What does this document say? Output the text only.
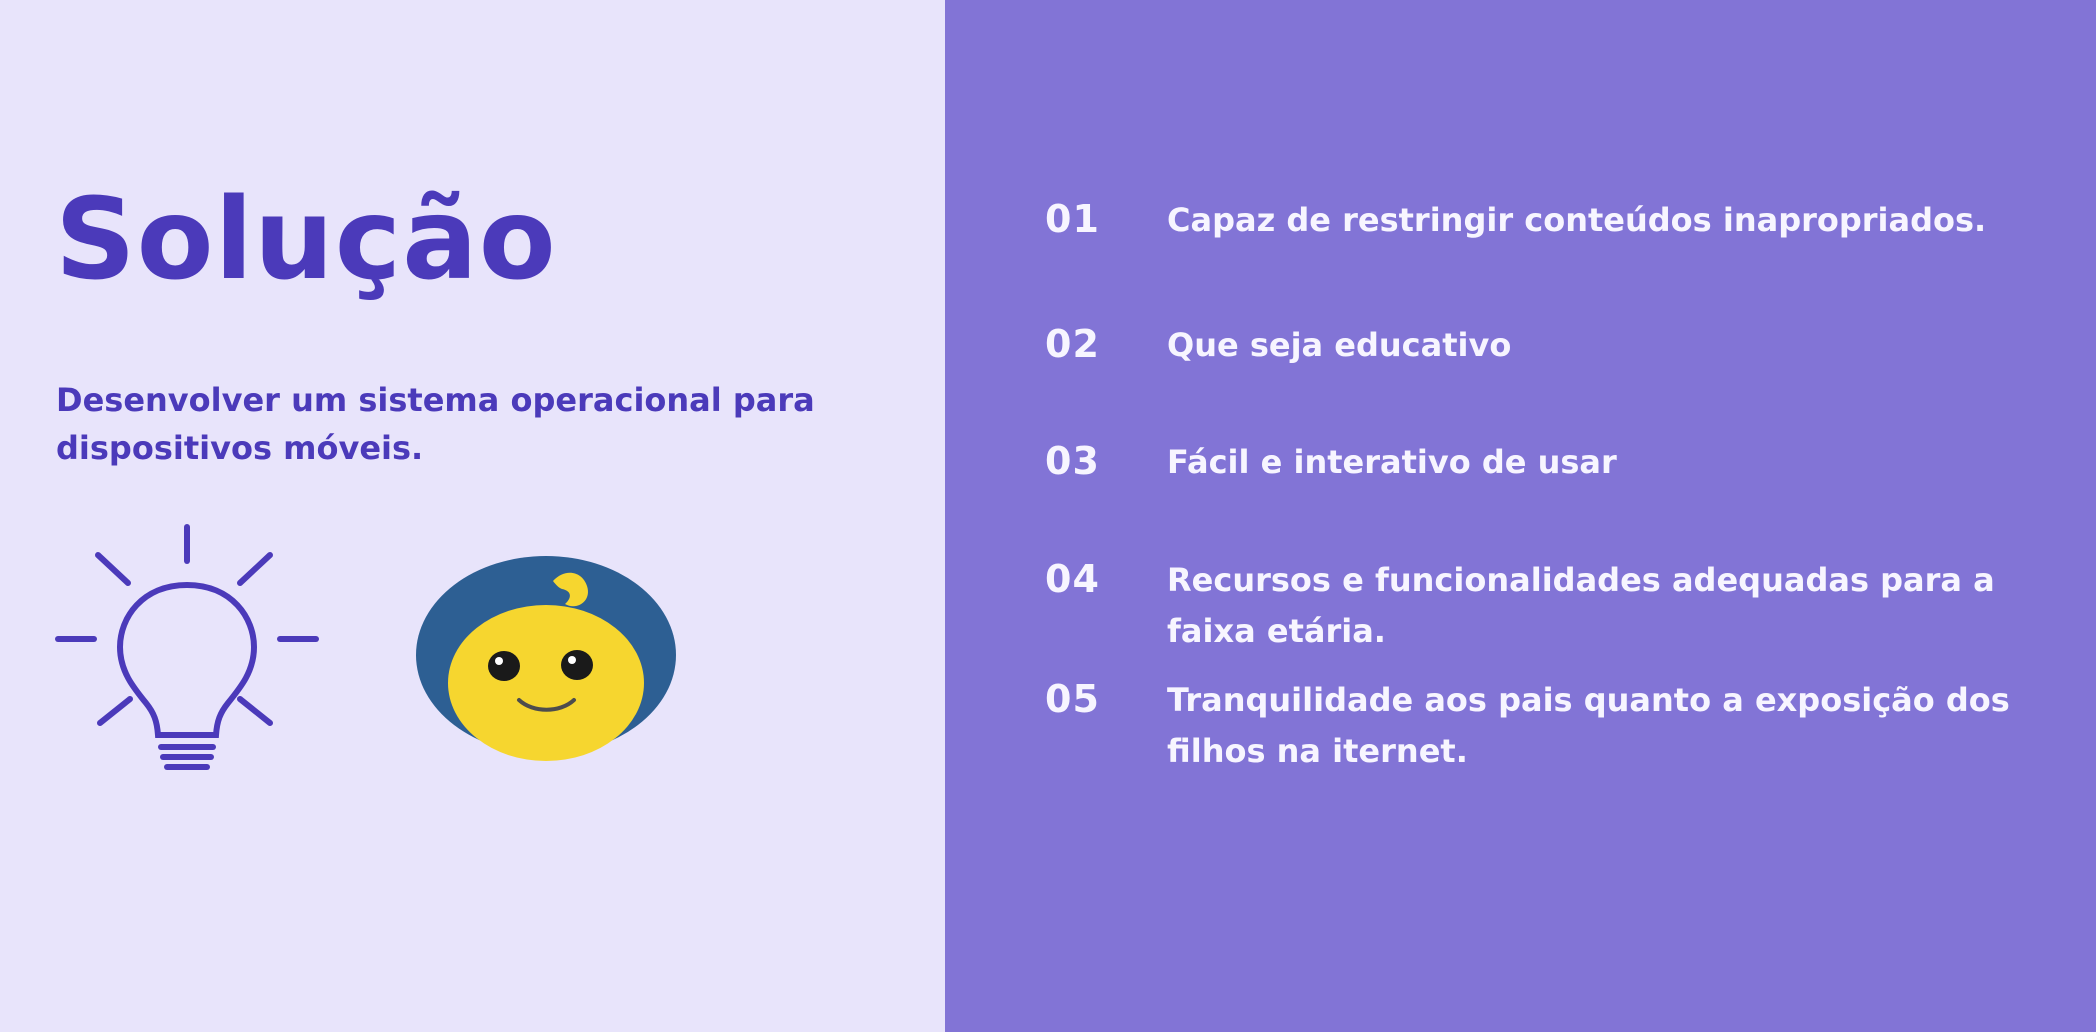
Solução

Desenvolver um sistema operacional para dispositivos móveis.

01 Capaz de restringir conteúdos inapropriados.
02 Que seja educativo
03 Fácil e interativo de usar
04 Recursos e funcionalidades adequadas para a faixa etária.
05 Tranquilidade aos pais quanto a exposição dos filhos na iternet.
